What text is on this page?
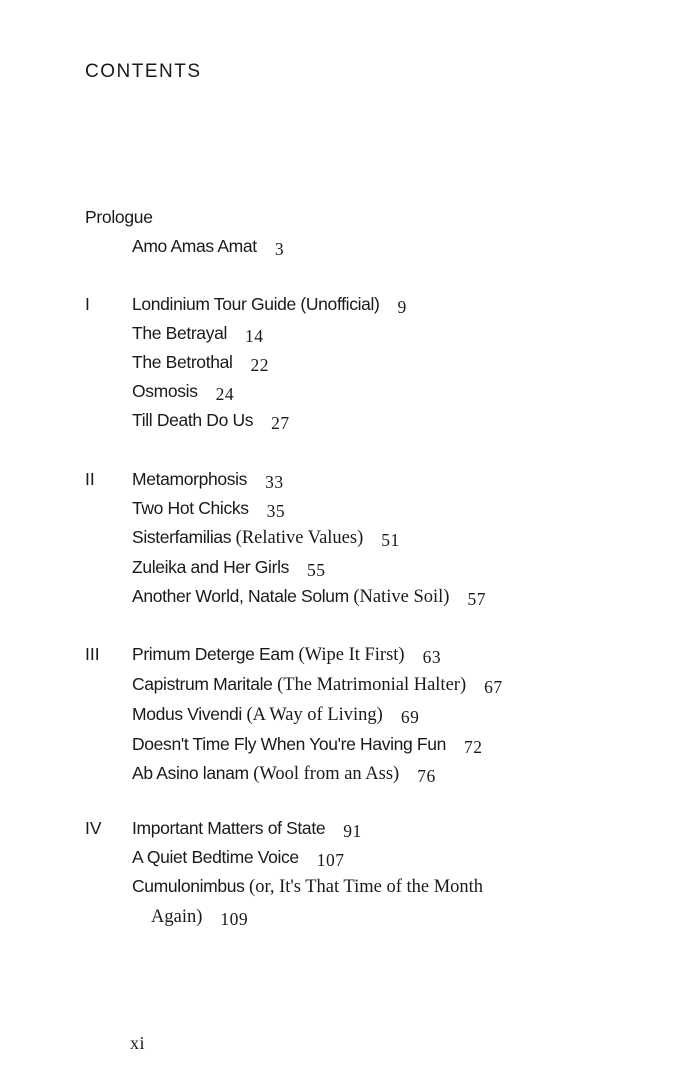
CONTENTS
Prologue
Amo Amas Amat 3
I Londinium Tour Guide (Unofficial) 9
The Betrayal 14
The Betrothal 22
Osmosis 24
Till Death Do Us 27
II Metamorphosis 33
Two Hot Chicks 35
Sisterfamilias (Relative Values) 51
Zuleika and Her Girls 55
Another World, Natale Solum (Native Soil) 57
III Primum Deterge Eam (Wipe It First) 63
Capistrum Maritale (The Matrimonial Halter) 67
Modus Vivendi (A Way of Living) 69
Doesn't Time Fly When You're Having Fun 72
Ab Asino lanam (Wool from an Ass) 76
IV Important Matters of State 91
A Quiet Bedtime Voice 107
Cumulonimbus (or, It's That Time of the Month
Again) 109
xi
